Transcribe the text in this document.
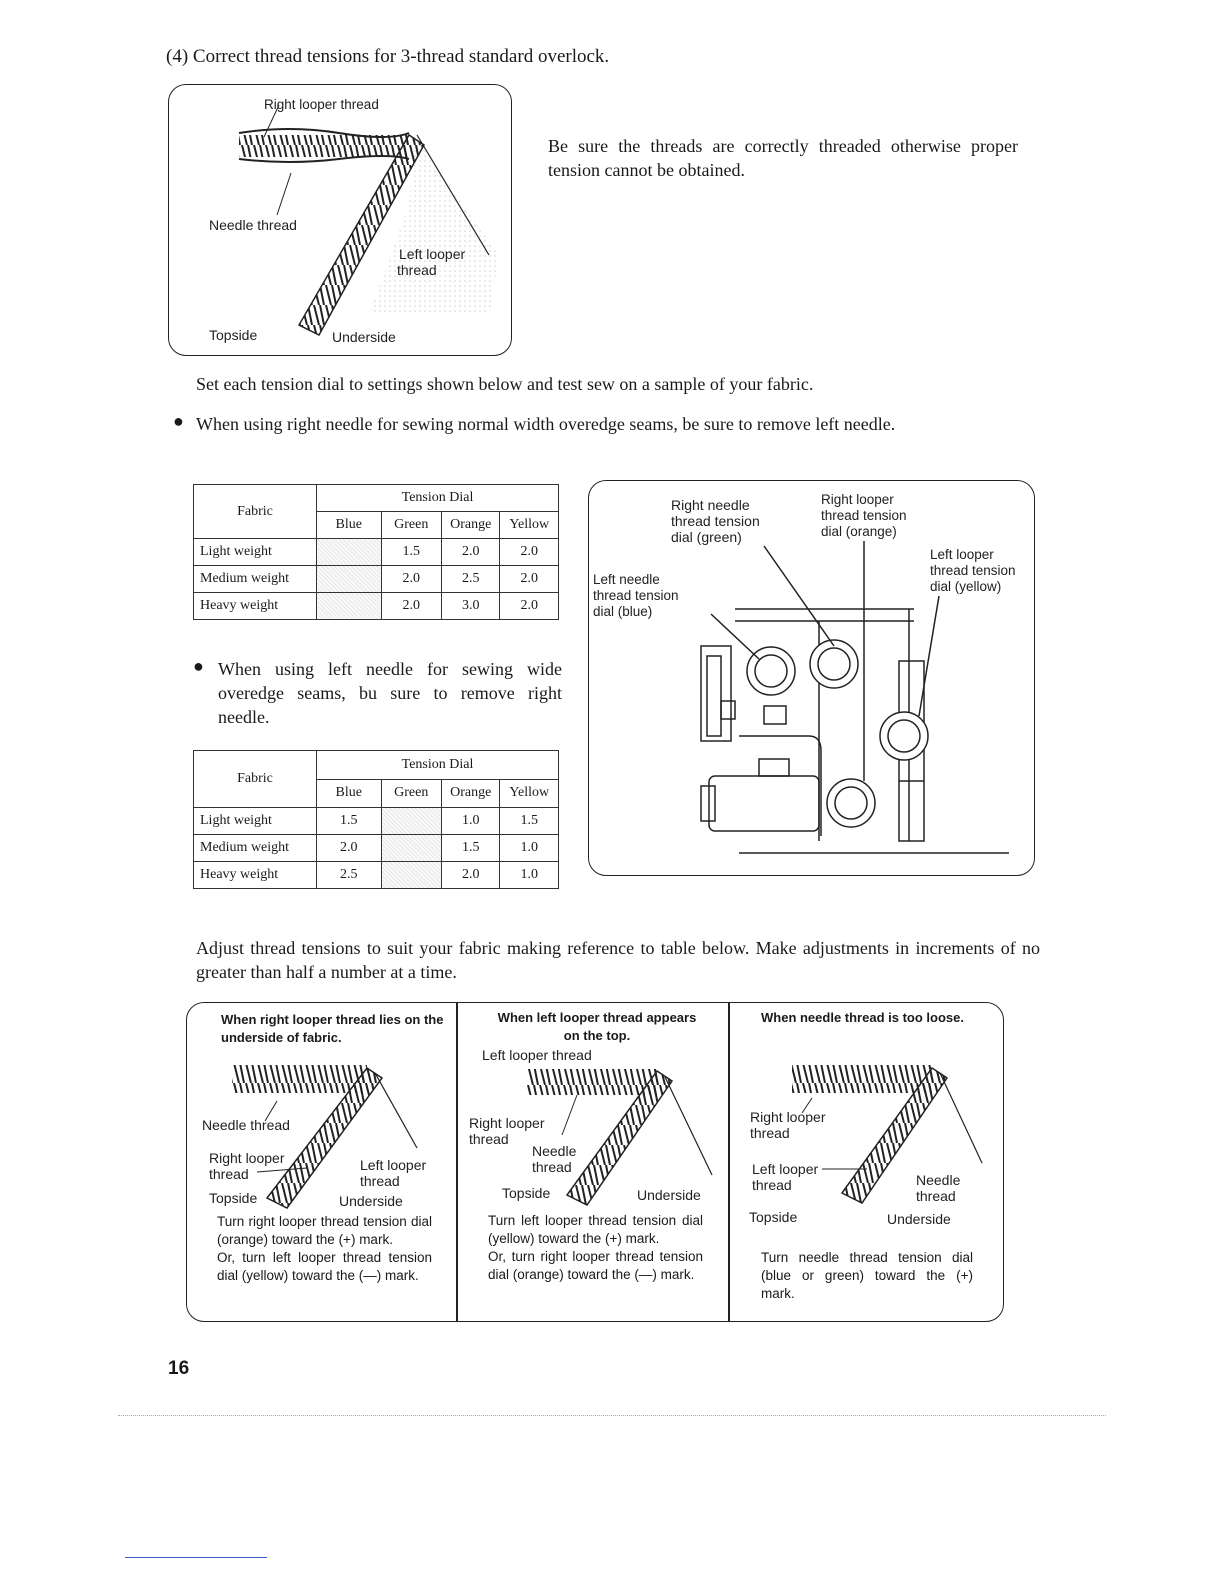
(4) Correct thread tensions for 3-thread standard overlock.
Right looper thread
Needle thread
Left looper
thread
Topside	Underside
Be sure the threads are correctly threaded otherwise proper tension cannot be obtained.
Set each tension dial to settings shown below and test sew on a sample of your fabric.
● When using right needle for sewing normal width overedge seams, be sure to remove left needle.
Fabric	Tension Dial			
	Blue	Green	Orange	Yellow
Light weight		1.5	2.0	2.0
Medium weight		2.0	2.5	2.0
Heavy weight		2.0	3.0	2.0
● When using left needle for sewing wide overedge seams, bu sure to remove right needle.
Fabric	Tension Dial			
	Blue	Green	Orange	Yellow
Light weight	1.5		1.0	1.5
Medium weight	2.0		1.5	1.0
Heavy weight	2.5		2.0	1.0
Right needle
thread tension
dial (green)
Right looper
thread tension
dial (orange)
Left looper
thread tension
dial (yellow)
Left needle
thread tension
dial (blue)
Adjust thread tensions to suit your fabric making reference to table below. Make adjustments in increments of no greater than half a number at a time.
When right looper thread lies on the underside of fabric.
Needle thread
Right looper
thread
Left looper
thread
Topside	Underside
Turn right looper thread tension dial (orange) toward the (+) mark.
Or, turn left looper thread tension dial (yellow) toward the (—) mark.
When left looper thread appears on the top.
Left looper thread
Right looper
thread
Needle
thread
Topside	Underside
Turn left looper thread tension dial (yellow) toward the (+) mark.
Or, turn right looper thread tension dial (orange) toward the (—) mark.
When needle thread is too loose.
Right looper
thread
Left looper
thread	Needle
thread
Topside	Underside
Turn needle thread tension dial (blue or green) toward the (+) mark.
16
